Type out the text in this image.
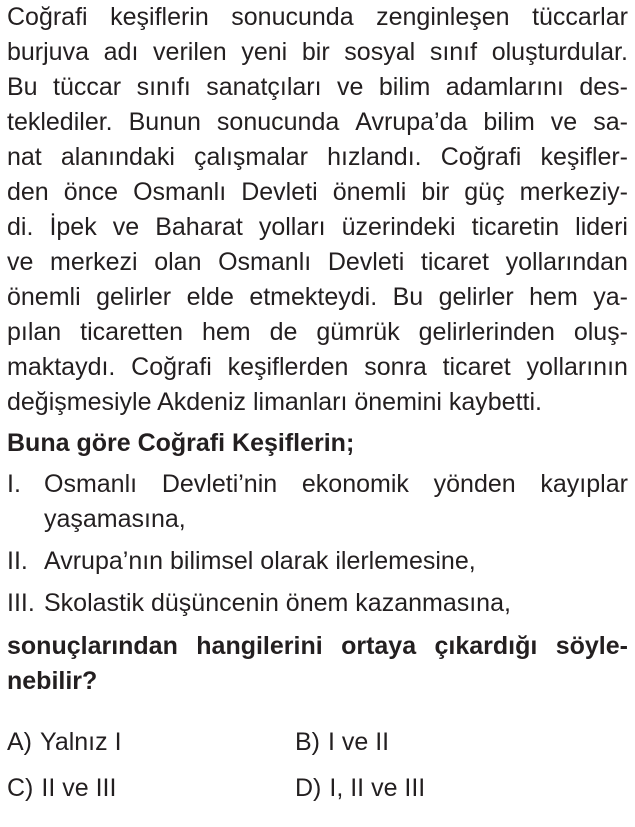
Coğrafi keşiflerin sonucunda zenginleşen tüccarlar
burjuva adı verilen yeni bir sosyal sınıf oluşturdular.
Bu tüccar sınıfı sanatçıları ve bilim adamlarını des-
teklediler. Bunun sonucunda Avrupa’da bilim ve sa-
nat alanındaki çalışmalar hızlandı. Coğrafi keşifler-
den önce Osmanlı Devleti önemli bir güç merkeziy-
di. İpek ve Baharat yolları üzerindeki ticaretin lideri
ve merkezi olan Osmanlı Devleti ticaret yollarından
önemli gelirler elde etmekteydi. Bu gelirler hem ya-
pılan ticaretten hem de gümrük gelirlerinden oluş-
maktaydı. Coğrafi keşiflerden sonra ticaret yollarının
değişmesiyle Akdeniz limanları önemini kaybetti.
Buna göre Coğrafi Keşiflerin;
I. Osmanlı Devleti’nin ekonomik yönden kayıplar
yaşamasına,
II. Avrupa’nın bilimsel olarak ilerlemesine,
III. Skolastik düşüncenin önem kazanmasına,
sonuçlarından hangilerini ortaya çıkardığı söyle-
nebilir?
A) Yalnız I	B) I ve II
C) II ve III	D) I, II ve III
